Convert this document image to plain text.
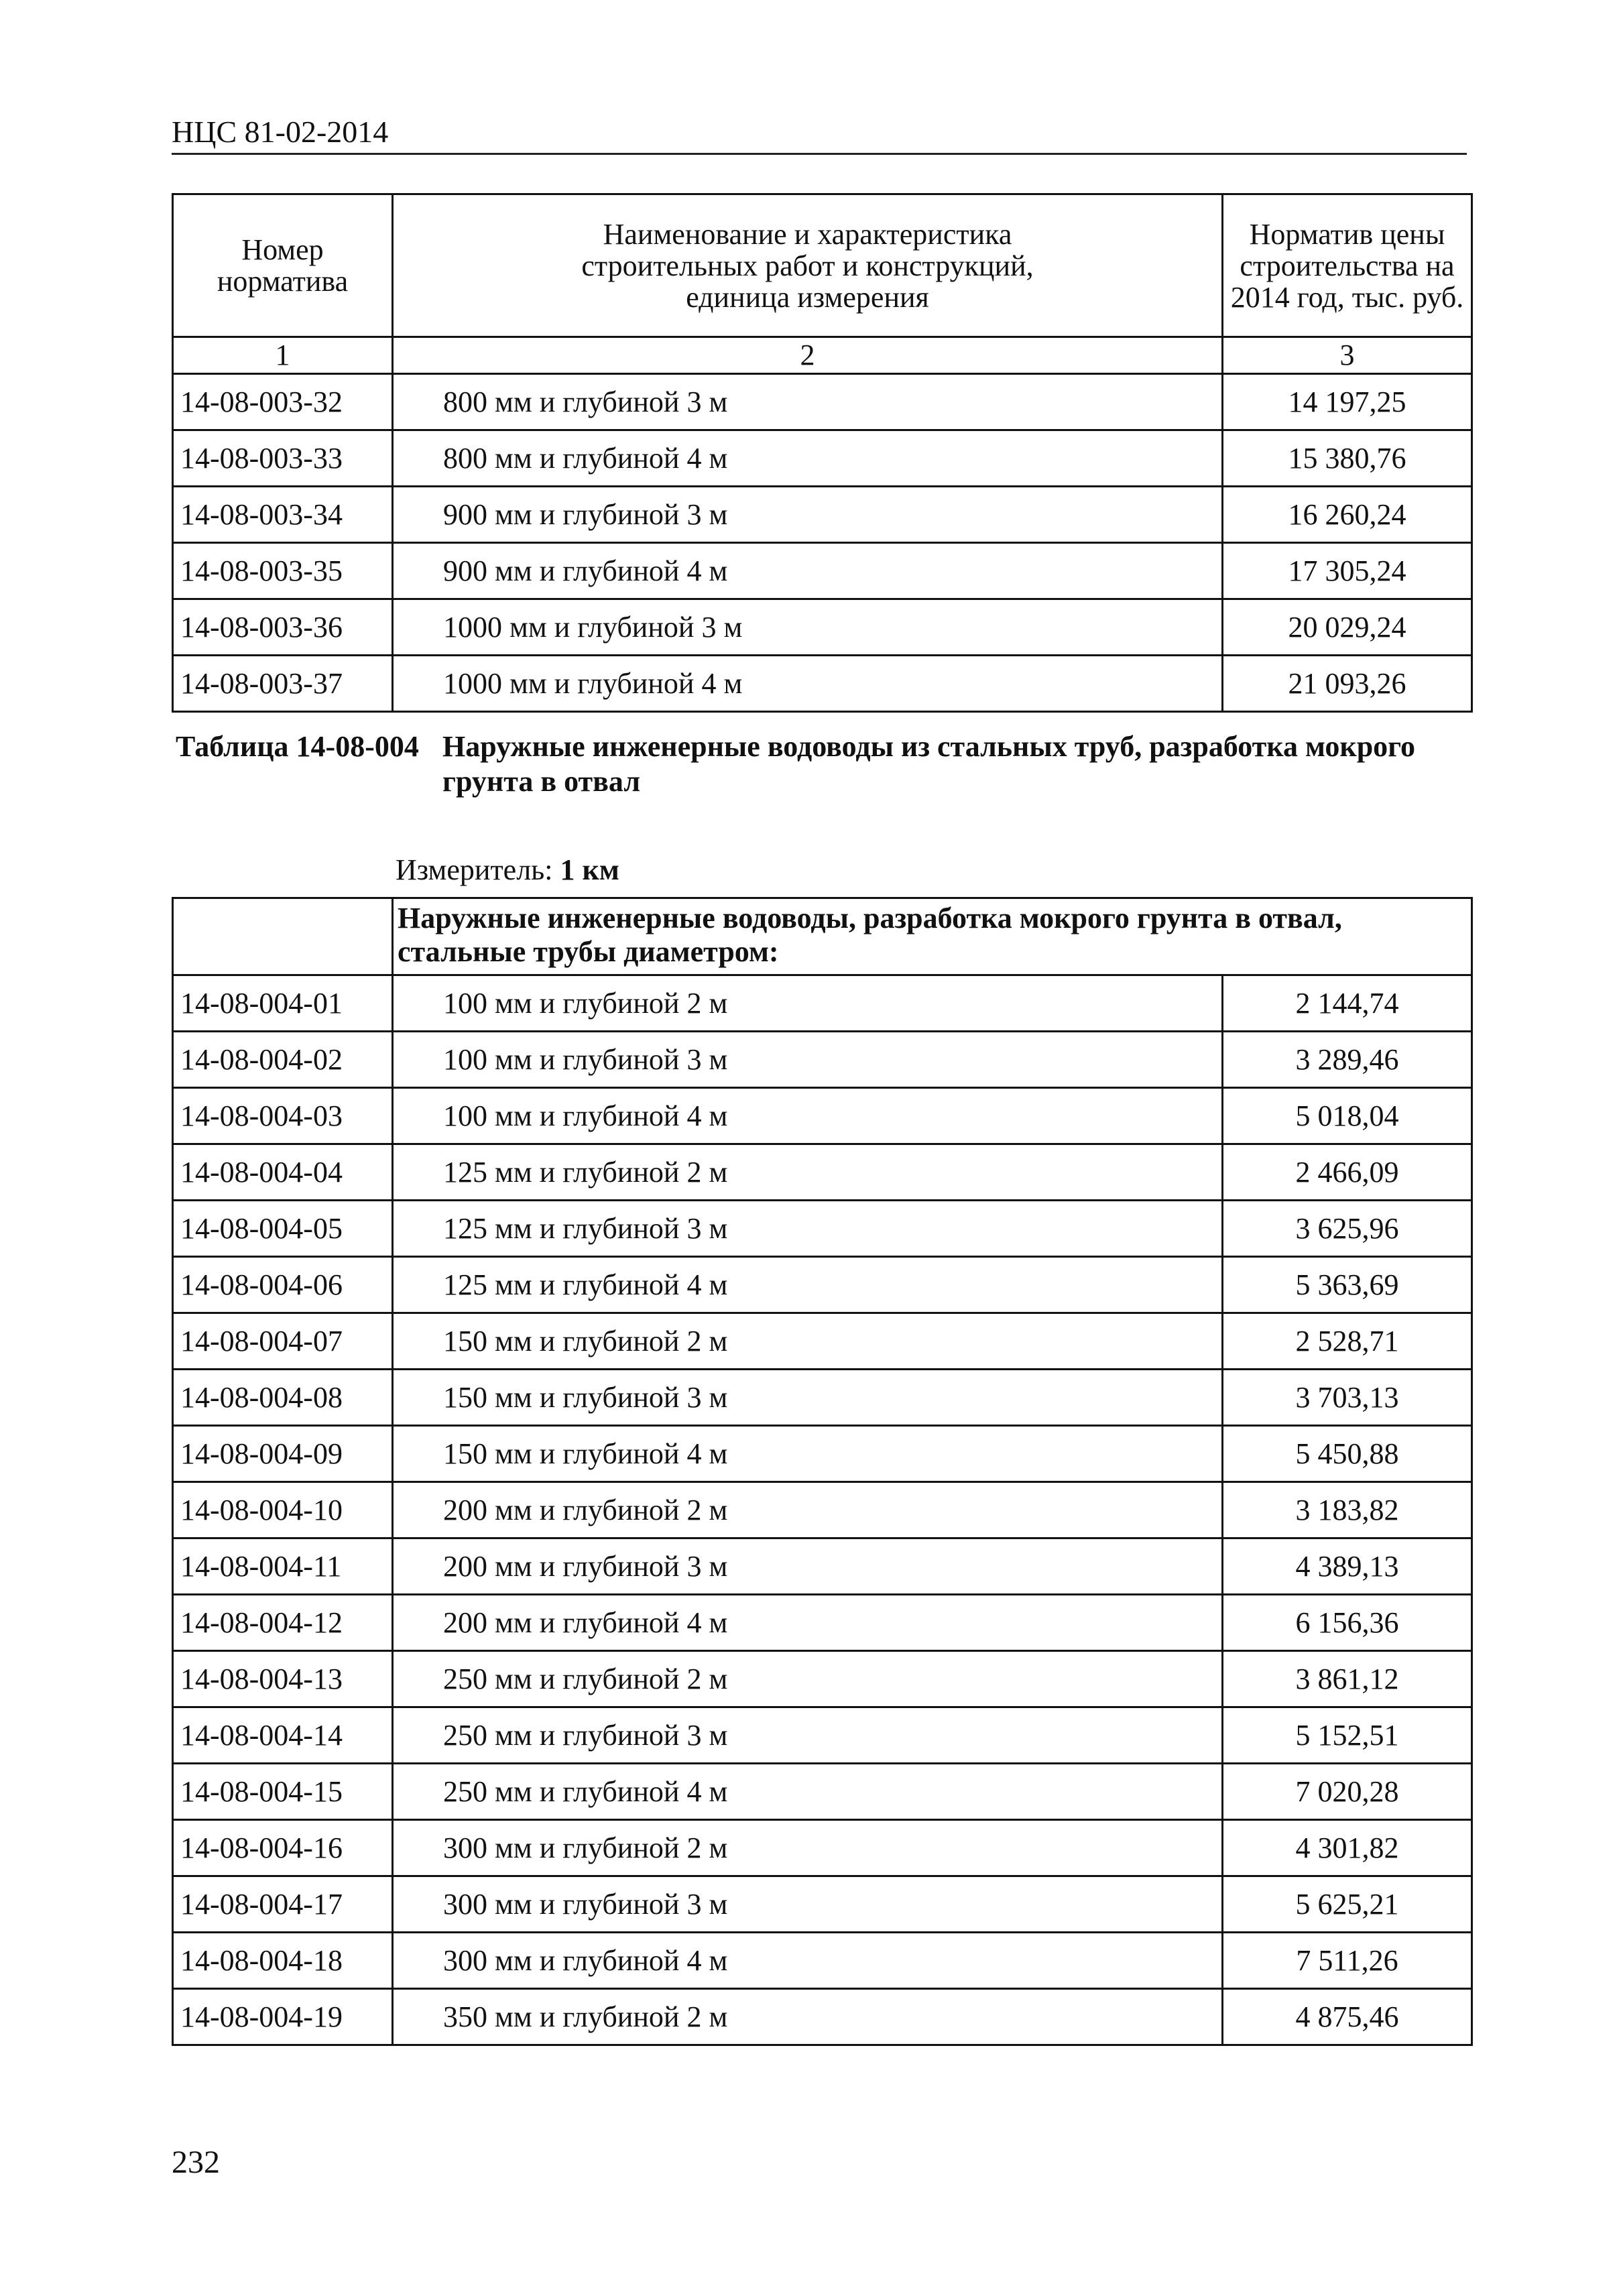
НЦС 81-02-2014
Номер норматива	Наименование и характеристика строительных работ и конструкций, единица измерения	Норматив цены строительства на 2014 год, тыс. руб.
1	2	3
14-08-003-32	800 мм и глубиной 3 м	14 197,25
14-08-003-33	800 мм и глубиной 4 м	15 380,76
14-08-003-34	900 мм и глубиной 3 м	16 260,24
14-08-003-35	900 мм и глубиной 4 м	17 305,24
14-08-003-36	1000 мм и глубиной 3 м	20 029,24
14-08-003-37	1000 мм и глубиной 4 м	21 093,26
Таблица 14-08-004 Наружные инженерные водоводы из стальных труб, разработка мокрого грунта в отвал
Измеритель: 1 км
	Наружные инженерные водоводы, разработка мокрого грунта в отвал, стальные трубы диаметром:	
14-08-004-01	100 мм и глубиной 2 м	2 144,74
14-08-004-02	100 мм и глубиной 3 м	3 289,46
14-08-004-03	100 мм и глубиной 4 м	5 018,04
14-08-004-04	125 мм и глубиной 2 м	2 466,09
14-08-004-05	125 мм и глубиной 3 м	3 625,96
14-08-004-06	125 мм и глубиной 4 м	5 363,69
14-08-004-07	150 мм и глубиной 2 м	2 528,71
14-08-004-08	150 мм и глубиной 3 м	3 703,13
14-08-004-09	150 мм и глубиной 4 м	5 450,88
14-08-004-10	200 мм и глубиной 2 м	3 183,82
14-08-004-11	200 мм и глубиной 3 м	4 389,13
14-08-004-12	200 мм и глубиной 4 м	6 156,36
14-08-004-13	250 мм и глубиной 2 м	3 861,12
14-08-004-14	250 мм и глубиной 3 м	5 152,51
14-08-004-15	250 мм и глубиной 4 м	7 020,28
14-08-004-16	300 мм и глубиной 2 м	4 301,82
14-08-004-17	300 мм и глубиной 3 м	5 625,21
14-08-004-18	300 мм и глубиной 4 м	7 511,26
14-08-004-19	350 мм и глубиной 2 м	4 875,46
232
